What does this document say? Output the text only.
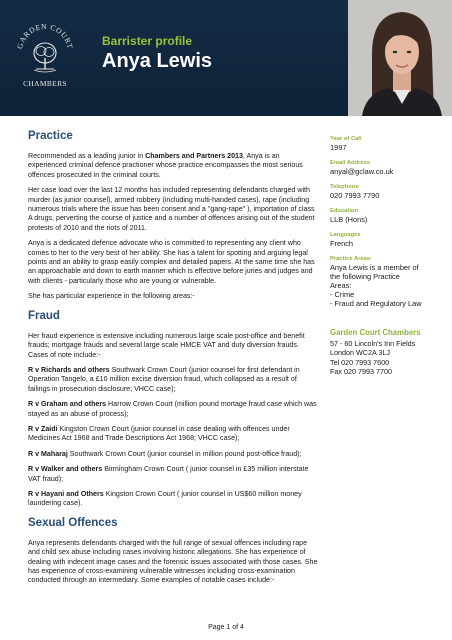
GARDEN COURT
CHAMBERS
Barrister profile
Anya Lewis
Practice

Recommended as a leading junior in Chambers and Partners 2013, Anya is an experienced criminal defence practioner whose practice encompasses the most serious offences prosecuted in the criminal courts.

Her case load over the last 12 months has included representing defendants charged with murder (as junior counsel), armed robbery (including multi-handed cases), rape (including numerous trials where the issue has been consent and a "gang-rape" ), importation of class A drugs, perverting the course of justice and a number of offences arising out of the student protests of 2010 and the riots of 2011.

Anya is a dedicated defence advocate who is committed to representing any client who comes to her to the very best of her ability. She has a talent for spotting and arguing legal points and an ability to grasp easily complex and detailed papers. At the same time she has an approachable and down to earth manner which is effective before juries and judges and with clients - particularly those who are young or vulnerable.

She has particular experience in the following areas:-

Fraud

Her fraud experience is extensive including numerous large scale post-office and benefit frauds; mortgage frauds and several large scale HMCE VAT and duty diversion frauds. Cases of note include:-

R v Richards and others Southwark Crown Court (junior counsel for first defendant in Operation Tangelo, a £10 million excise diversion fraud, which collapsed as a result of failings in prosecution disclosure; VHCC case);

R v Graham and others Harrow Crown Court (million pound mortage fraud case which was stayed as an abuse of process);

R v Zaidi Kingston Crown Court (junior counsel in case dealing with offences under Medicines Act 1968 and Trade Descriptions Act 1968; VHCC case);

R v Maharaj Southwark Crown Court (junior counsel in million pound post-office fraud);

R v Walker and others Birmingham Crown Court ( junior counsel in £35 million interstate VAT fraud);

R v Hayani and Others Kingston Crown Court ( junior counsel in US$60 million money laundering case).

Sexual Offences

Anya represents defendants charged with the full range of sexual offences including rape and child sex abuse including cases involving historic allegations. She has experience of dealing with indecent image cases and the forensic issues associated with those cases. She has experience of cross-examining vulnerable witnesses including cross-examination conducted through an intermediary. Some examples of notable cases include:-

Year of Call
1997
Email Address
anyal@gclaw.co.uk
Telephone
020 7993 7790
Education
LLB (Hons)
Languages
French
Practice Areas:
Anya Lewis is a member of
the following Practice
Areas:
- Crime
- Fraud and Regulatory Law
Garden Court Chambers
57 - 60 Lincoln's Inn Fields
London WC2A 3LJ
Tel 020 7993 7600
Fax 020 7993 7700
Page 1 of 4
